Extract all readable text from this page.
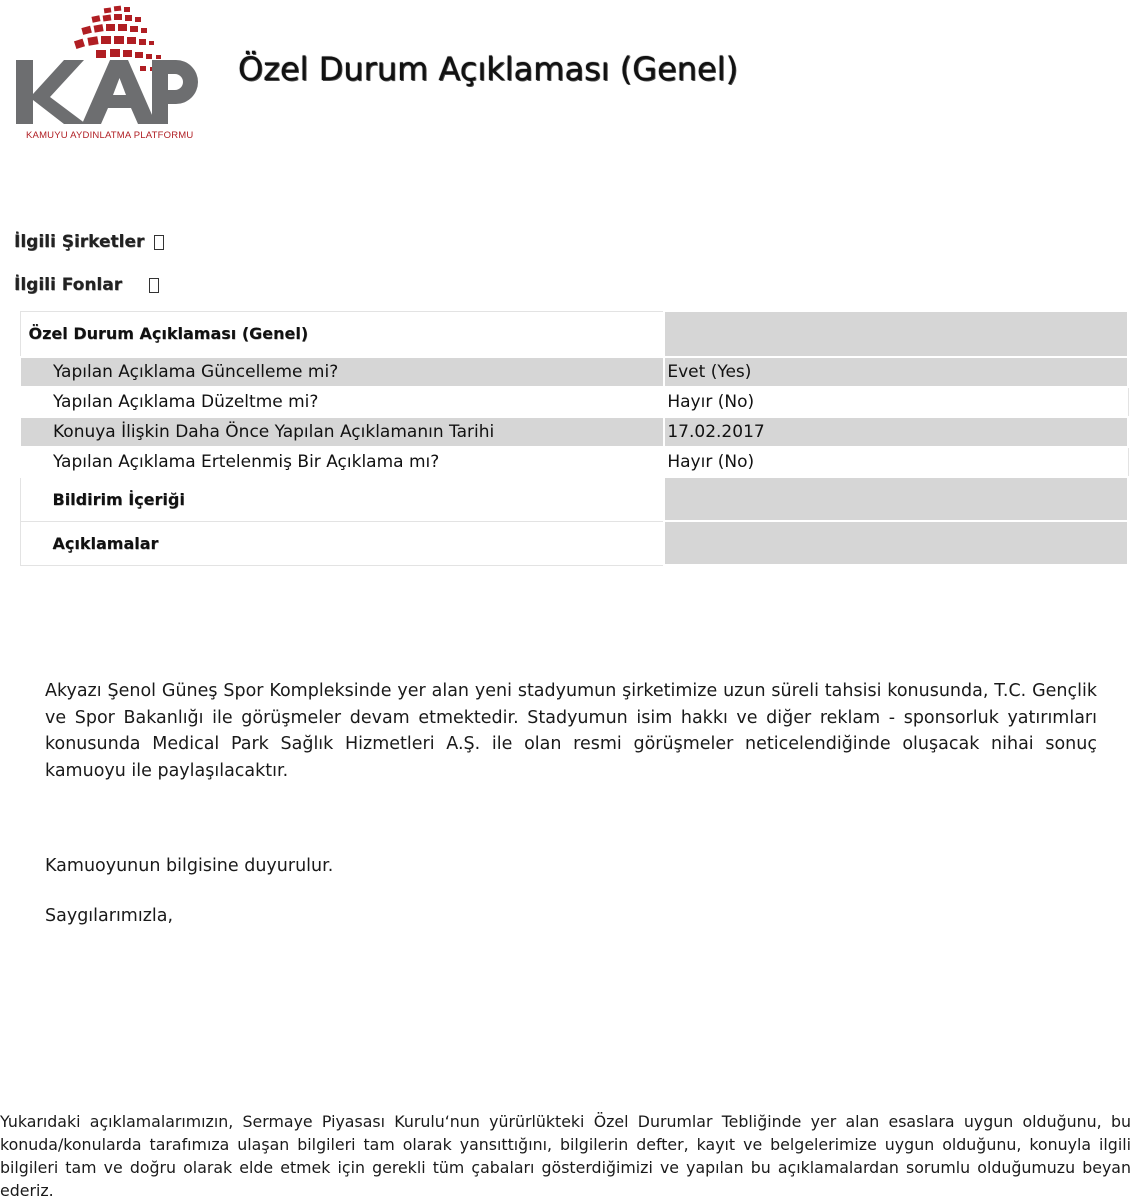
KAMUYU AYDINLATMA PLATFORMU
Özel Durum Açıklaması (Genel)
İlgili Şirketler
İlgili Fonlar
Özel Durum Açıklaması (Genel)	
Yapılan Açıklama Güncelleme mi?	Evet (Yes)
Yapılan Açıklama Düzeltme mi?	Hayır (No)
Konuya İlişkin Daha Önce Yapılan Açıklamanın Tarihi	17.02.2017
Yapılan Açıklama Ertelenmiş Bir Açıklama mı?	Hayır (No)
Bildirim İçeriği	
Açıklamalar	
Akyazı Şenol Güneş Spor Kompleksinde yer alan yeni stadyumun şirketimize uzun süreli tahsisi konusunda, T.C. Gençlik ve Spor Bakanlığı ile görüşmeler devam etmektedir. Stadyumun isim hakkı ve diğer reklam - sponsorluk yatırımları konusunda Medical Park Sağlık Hizmetleri A.Ş. ile olan resmi görüşmeler neticelendiğinde oluşacak nihai sonuç kamuoyu ile paylaşılacaktır.
Kamuoyunun bilgisine duyurulur.
Saygılarımızla,
Yukarıdaki açıklamalarımızın, Sermaye Piyasası Kurulu‘nun yürürlükteki Özel Durumlar Tebliğinde yer alan esaslara uygun olduğunu, bu konuda/konularda tarafımıza ulaşan bilgileri tam olarak yansıttığını, bilgilerin defter, kayıt ve belgelerimize uygun olduğunu, konuyla ilgili bilgileri tam ve doğru olarak elde etmek için gerekli tüm çabaları gösterdiğimizi ve yapılan bu açıklamalardan sorumlu olduğumuzu beyan ederiz.
